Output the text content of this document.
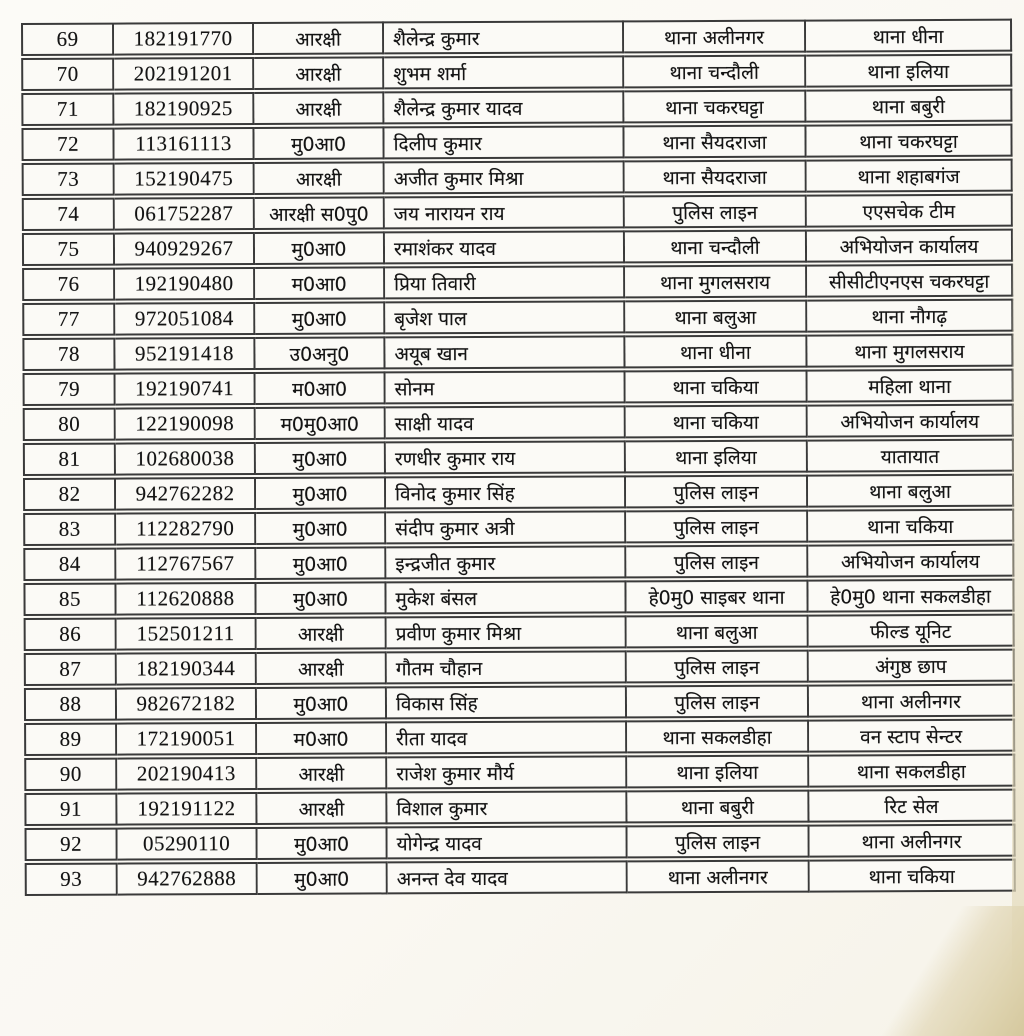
69	182191770	आरक्षी	शैलेन्द्र कुमार	थाना अलीनगर	थाना धीना
70	202191201	आरक्षी	शुभम शर्मा	थाना चन्दौली	थाना इलिया
71	182190925	आरक्षी	शैलेन्द्र कुमार यादव	थाना चकरघट्टा	थाना बबुरी
72	113161113	मु0आ0	दिलीप कुमार	थाना सैयदराजा	थाना चकरघट्टा
73	152190475	आरक्षी	अजीत कुमार मिश्रा	थाना सैयदराजा	थाना शहाबगंज
74	061752287	आरक्षी स0पु0	जय नारायन राय	पुलिस लाइन	एएसचेक टीम
75	940929267	मु0आ0	रमाशंकर यादव	थाना चन्दौली	अभियोजन कार्यालय
76	192190480	म0आ0	प्रिया तिवारी	थाना मुगलसराय	सीसीटीएनएस चकरघट्टा
77	972051084	मु0आ0	बृजेश पाल	थाना बलुआ	थाना नौगढ़
78	952191418	उ0अनु0	अयूब खान	थाना धीना	थाना मुगलसराय
79	192190741	म0आ0	सोनम	थाना चकिया	महिला थाना
80	122190098	म0मु0आ0	साक्षी यादव	थाना चकिया	अभियोजन कार्यालय
81	102680038	मु0आ0	रणधीर कुमार राय	थाना इलिया	यातायात
82	942762282	मु0आ0	विनोद कुमार सिंह	पुलिस लाइन	थाना बलुआ
83	112282790	मु0आ0	संदीप कुमार अत्री	पुलिस लाइन	थाना चकिया
84	112767567	मु0आ0	इन्द्रजीत कुमार	पुलिस लाइन	अभियोजन कार्यालय
85	112620888	मु0आ0	मुकेश बंसल	हे0मु0 साइबर थाना	हे0मु0 थाना सकलडीहा
86	152501211	आरक्षी	प्रवीण कुमार मिश्रा	थाना बलुआ	फील्ड यूनिट
87	182190344	आरक्षी	गौतम चौहान	पुलिस लाइन	अंगुष्ठ छाप
88	982672182	मु0आ0	विकास सिंह	पुलिस लाइन	थाना अलीनगर
89	172190051	म0आ0	रीता यादव	थाना सकलडीहा	वन स्टाप सेन्टर
90	202190413	आरक्षी	राजेश कुमार मौर्य	थाना इलिया	थाना सकलडीहा
91	192191122	आरक्षी	विशाल कुमार	थाना बबुरी	रिट सेल
92	05290110	मु0आ0	योगेन्द्र यादव	पुलिस लाइन	थाना अलीनगर
93	942762888	मु0आ0	अनन्त देव यादव	थाना अलीनगर	थाना चकिया
